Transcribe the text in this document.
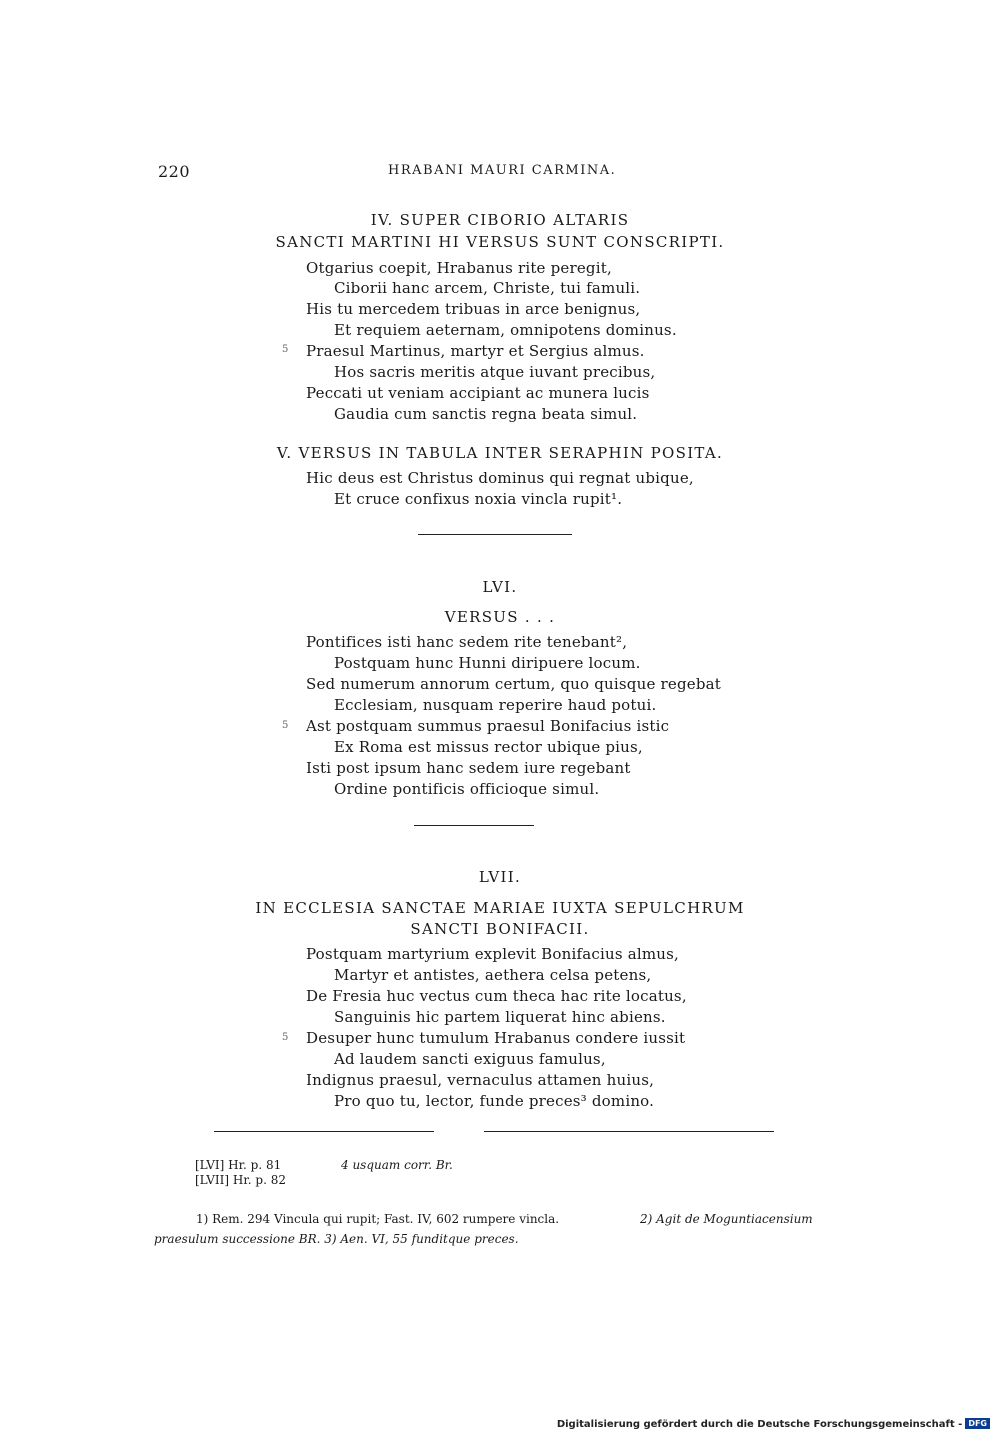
220	HRABANI MAURI CARMINA.
IV. SUPER CIBORIO ALTARIS
SANCTI MARTINI HI VERSUS SUNT CONSCRIPTI.
Otgarius coepit, Hrabanus rite peregit,
Ciborii hanc arcem, Christe, tui famuli.
His tu mercedem tribuas in arce benignus,
Et requiem aeternam, omnipotens dominus.
5 Praesul Martinus, martyr et Sergius almus.
Hos sacris meritis atque iuvant precibus,
Peccati ut veniam accipiant ac munera lucis
Gaudia cum sanctis regna beata simul.
V. VERSUS IN TABULA INTER SERAPHIN POSITA.
Hic deus est Christus dominus qui regnat ubique,
Et cruce confixus noxia vincla rupit¹.
LVI.
VERSUS . . .
Pontifices isti hanc sedem rite tenebant²,
Postquam hunc Hunni diripuere locum.
Sed numerum annorum certum, quo quisque regebat
Ecclesiam, nusquam reperire haud potui.
5 Ast postquam summus praesul Bonifacius istic
Ex Roma est missus rector ubique pius,
Isti post ipsum hanc sedem iure regebant
Ordine pontificis officioque simul.
LVII.
IN ECCLESIA SANCTAE MARIAE IUXTA SEPULCHRUM
SANCTI BONIFACII.
Postquam martyrium explevit Bonifacius almus,
Martyr et antistes, aethera celsa petens,
De Fresia huc vectus cum theca hac rite locatus,
Sanguinis hic partem liquerat hinc abiens.
5 Desuper hunc tumulum Hrabanus condere iussit
Ad laudem sancti exiguus famulus,
Indignus praesul, vernaculus attamen huius,
Pro quo tu, lector, funde preces³ domino.
[LVI] Hr. p. 81	4 usquam corr. Br.
[LVII] Hr. p. 82
1) Rem. 294 Vincula qui rupit; Fast. IV, 602 rumpere vincla.	2) Agit de Moguntiacensium
praesulum successione BR. 3) Aen. VI, 55 funditque preces.
Digitalisierung gefördert durch die Deutsche Forschungsgemeinschaft - DFG
